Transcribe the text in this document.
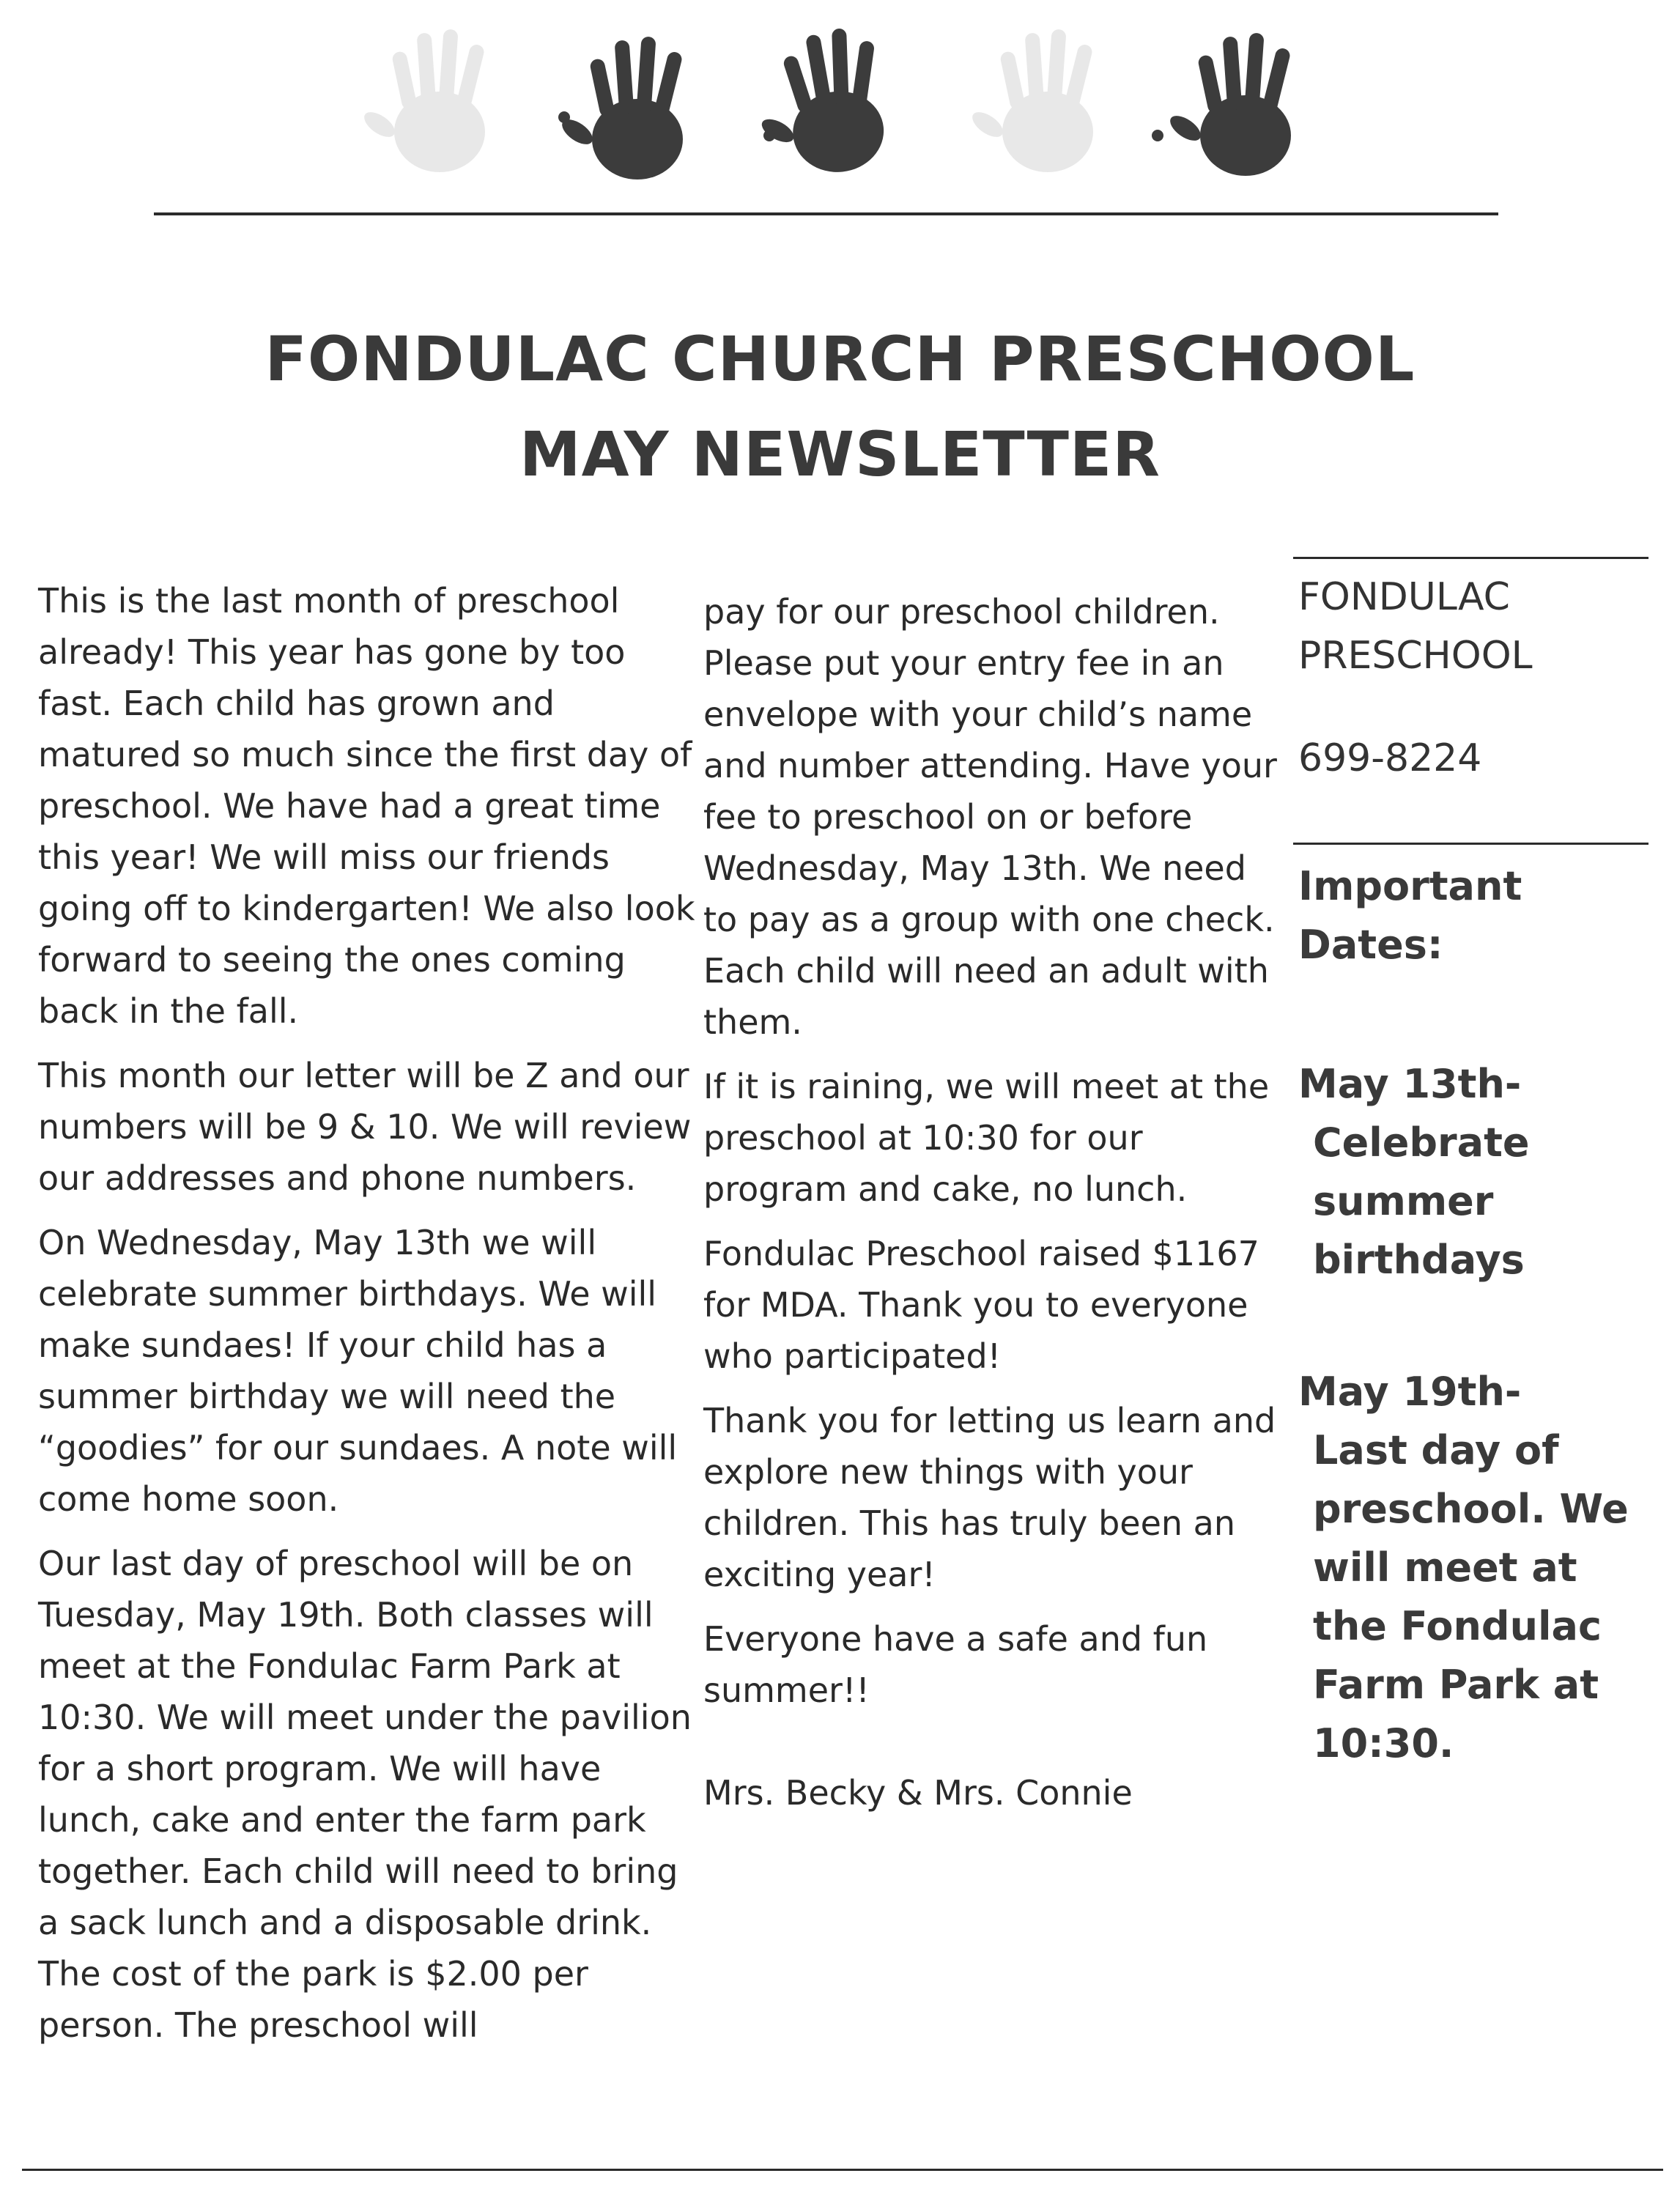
FONDULAC CHURCH PRESCHOOL
MAY NEWSLETTER

This is the last month of preschool already! This year has gone by too fast. Each child has grown and matured so much since the first day of preschool. We have had a great time this year! We will miss our friends going off to kindergarten! We also look forward to seeing the ones coming back in the fall.

This month our letter will be Z and our numbers will be 9 & 10. We will review our addresses and phone numbers.

On Wednesday, May 13th we will celebrate summer birthdays. We will make sundaes! If your child has a summer birthday we will need the “goodies” for our sundaes. A note will come home soon.

Our last day of preschool will be on Tuesday, May 19th. Both classes will meet at the Fondulac Farm Park at 10:30. We will meet under the pavilion for a short program. We will have lunch, cake and enter the farm park together. Each child will need to bring a sack lunch and a disposable drink. The cost of the park is $2.00 per person. The preschool will

pay for our preschool children. Please put your entry fee in an envelope with your child’s name and number attending. Have your fee to preschool on or before Wednesday, May 13th. We need to pay as a group with one check. Each child will need an adult with them.

If it is raining, we will meet at the preschool at 10:30 for our program and cake, no lunch.

Fondulac Preschool raised $1167 for MDA. Thank you to everyone who participated!

Thank you for letting us learn and explore new things with your children. This has truly been an exciting year!

Everyone have a safe and fun summer!!

Mrs. Becky & Mrs. Connie

FONDULAC
PRESCHOOL
699-8224
Important
Dates:
May 13th-
Celebrate summer birthdays
May 19th-
Last day of preschool. We will meet at the Fondulac Farm Park at 10:30.
